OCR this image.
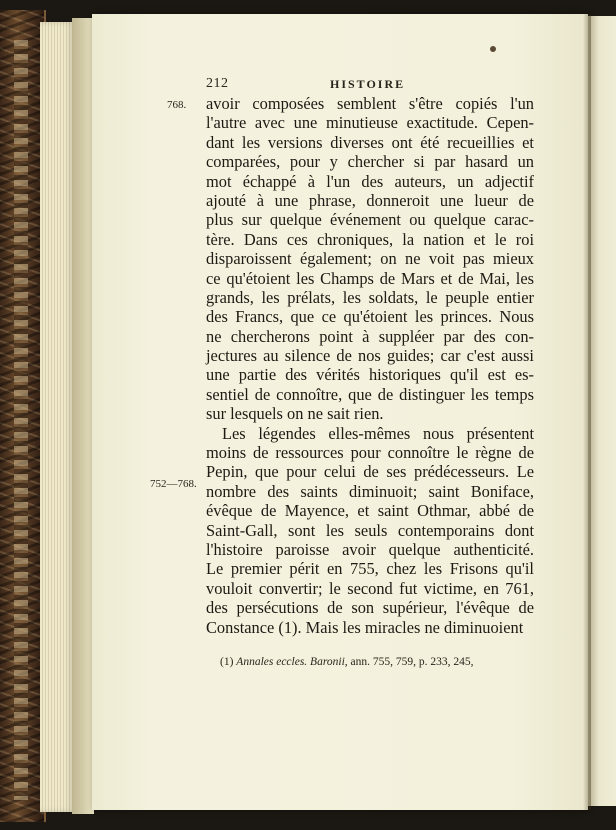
212	HISTOIRE
768.
752—768.
avoir composées semblent s'être copiés l'un
l'autre avec une minutieuse exactitude. Cepen-
dant les versions diverses ont été recueillies et
comparées, pour y chercher si par hasard un
mot échappé à l'un des auteurs, un adjectif
ajouté à une phrase, donneroit une lueur de
plus sur quelque événement ou quelque carac-
tère. Dans ces chroniques, la nation et le roi
disparoissent également; on ne voit pas mieux
ce qu'étoient les Champs de Mars et de Mai, les
grands, les prélats, les soldats, le peuple entier
des Francs, que ce qu'étoient les princes. Nous
ne chercherons point à suppléer par des con-
jectures au silence de nos guides; car c'est aussi
une partie des vérités historiques qu'il est es-
sentiel de connoître, que de distinguer les temps
sur lesquels on ne sait rien.
Les légendes elles-mêmes nous présentent
moins de ressources pour connoître le règne de
Pepin, que pour celui de ses prédécesseurs. Le
nombre des saints diminuoit; saint Boniface,
évêque de Mayence, et saint Othmar, abbé de
Saint-Gall, sont les seuls contemporains dont
l'histoire paroisse avoir quelque authenticité.
Le premier périt en 755, chez les Frisons qu'il
vouloit convertir; le second fut victime, en 761,
des persécutions de son supérieur, l'évêque de
Constance (1). Mais les miracles ne diminuoient
(1) Annales eccles. Baronii, ann. 755, 759, p. 233, 245,
